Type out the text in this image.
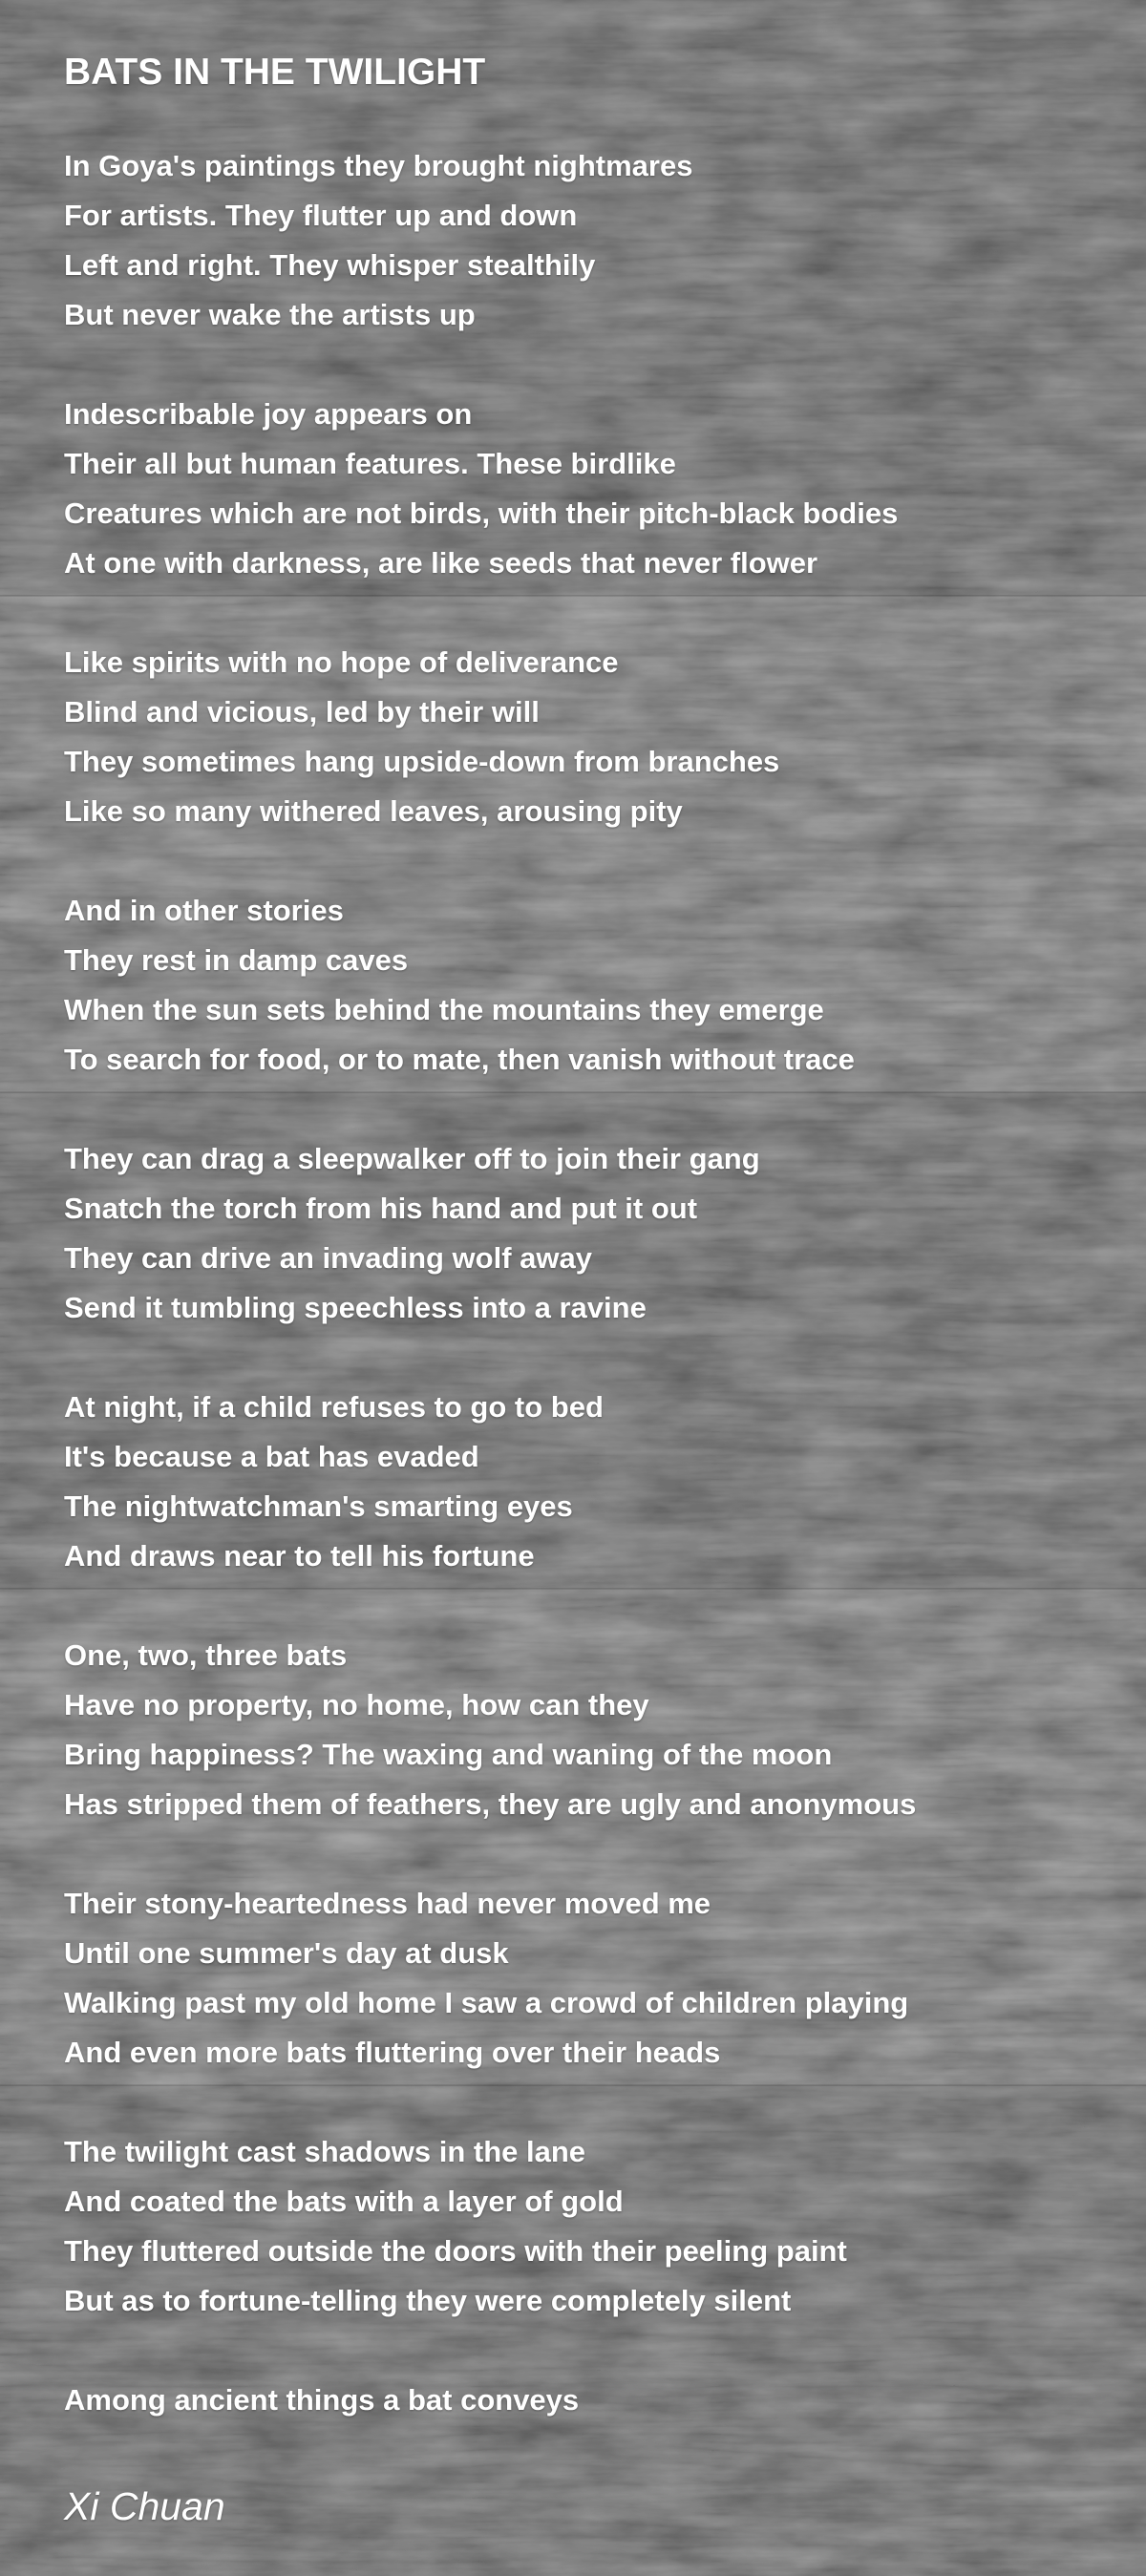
BATS IN THE TWILIGHT
In Goya's paintings they brought nightmares
For artists. They flutter up and down
Left and right. They whisper stealthily
But never wake the artists up
Indescribable joy appears on
Their all but human features. These birdlike
Creatures which are not birds, with their pitch-black bodies
At one with darkness, are like seeds that never flower
Like spirits with no hope of deliverance
Blind and vicious, led by their will
They sometimes hang upside-down from branches
Like so many withered leaves, arousing pity
And in other stories
They rest in damp caves
When the sun sets behind the mountains they emerge
To search for food, or to mate, then vanish without trace
They can drag a sleepwalker off to join their gang
Snatch the torch from his hand and put it out
They can drive an invading wolf away
Send it tumbling speechless into a ravine
At night, if a child refuses to go to bed
It's because a bat has evaded
The nightwatchman's smarting eyes
And draws near to tell his fortune
One, two, three bats
Have no property, no home, how can they
Bring happiness? The waxing and waning of the moon
Has stripped them of feathers, they are ugly and anonymous
Their stony-heartedness had never moved me
Until one summer's day at dusk
Walking past my old home I saw a crowd of children playing
And even more bats fluttering over their heads
The twilight cast shadows in the lane
And coated the bats with a layer of gold
They fluttered outside the doors with their peeling paint
But as to fortune-telling they were completely silent
Among ancient things a bat conveys

Xi Chuan
